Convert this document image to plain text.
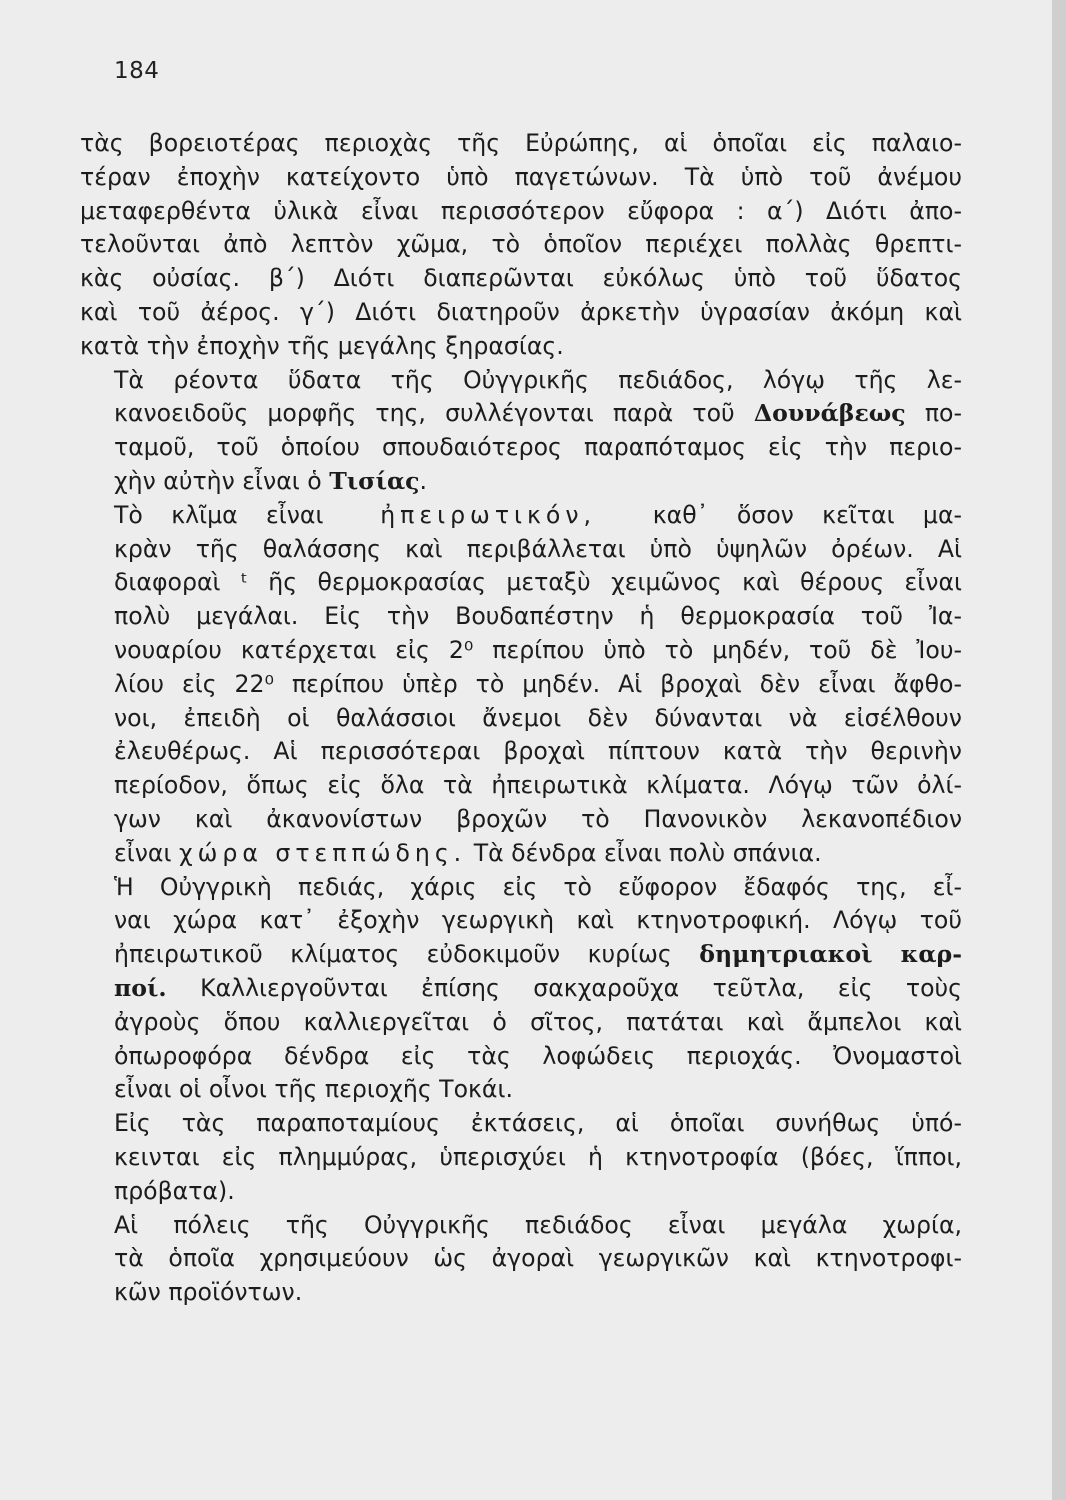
184
τὰς βορειοτέρας περιοχὰς τῆς Εὐρώπης, αἱ ὁποῖαι εἰς παλαιο-
τέραν ἐποχὴν κατείχοντο ὑπὸ παγετώνων. Τὰ ὑπὸ τοῦ ἀνέμου
μεταφερθέντα ὑλικὰ εἶναι περισσότερον εὔφορα : α΄) Διότι ἀπο-
τελοῦνται ἀπὸ λεπτὸν χῶμα, τὸ ὁποῖον περιέχει πολλὰς θρεπτι-
κὰς οὐσίας. β΄) Διότι διαπερῶνται εὐκόλως ὑπὸ τοῦ ὕδατος
καὶ τοῦ ἀέρος. γ΄) Διότι διατηροῦν ἀρκετὴν ὑγρασίαν ἀκόμη καὶ
κατὰ τὴν ἐποχὴν τῆς μεγάλης ξηρασίας.
Τὰ ρέοντα ὕδατα τῆς Οὐγγρικῆς πεδιάδος, λόγῳ τῆς λε-
κανοειδοῦς μορφῆς της, συλλέγονται παρὰ τοῦ Δουνάβεως πο-
ταμοῦ, τοῦ ὁποίου σπουδαιότερος παραπόταμος εἰς τὴν περιο-
χὴν αὐτὴν εἶναι ὁ Τισίας.
Τὸ κλῖμα εἶναι ἠπειρωτικόν, καθ᾽ ὅσον κεῖται μα-
κρὰν τῆς θαλάσσης καὶ περιβάλλεται ὑπὸ ὑψηλῶν ὀρέων. Αἱ
διαφοραὶ ᵗ ῆς θερμοκρασίας μεταξὺ χειμῶνος καὶ θέρους εἶναι
πολὺ μεγάλαι. Εἰς τὴν Βουδαπέστην ἡ θερμοκρασία τοῦ Ἰα-
νουαρίου κατέρχεται εἰς 2⁰ περίπου ὑπὸ τὸ μηδέν, τοῦ δὲ Ἰου-
λίου εἰς 22⁰ περίπου ὑπὲρ τὸ μηδέν. Αἱ βροχαὶ δὲν εἶναι ἄφθο-
νοι, ἐπειδὴ οἱ θαλάσσιοι ἄνεμοι δὲν δύνανται νὰ εἰσέλθουν
ἐλευθέρως. Αἱ περισσότεραι βροχαὶ πίπτουν κατὰ τὴν θερινὴν
περίοδον, ὅπως εἰς ὅλα τὰ ἠπειρωτικὰ κλίματα. Λόγῳ τῶν ὀλί-
γων καὶ ἀκανονίστων βροχῶν τὸ Πανονικὸν λεκανοπέδιον
εἶναι χώρα στεππώδης. Τὰ δένδρα εἶναι πολὺ σπάνια.
Ἡ Οὐγγρικὴ πεδιάς, χάρις εἰς τὸ εὔφορον ἔδαφός της, εἶ-
ναι χώρα κατ᾽ ἐξοχὴν γεωργικὴ καὶ κτηνοτροφική. Λόγῳ τοῦ
ἠπειρωτικοῦ κλίματος εὐδοκιμοῦν κυρίως δημητριακοὶ καρ-
ποί. Καλλιεργοῦνται ἐπίσης σακχαροῦχα τεῦτλα, εἰς τοὺς
ἀγροὺς ὅπου καλλιεργεῖται ὁ σῖτος, πατάται καὶ ἄμπελοι καὶ
ὀπωροφόρα δένδρα εἰς τὰς λοφώδεις περιοχάς. Ὀνομαστοὶ
εἶναι οἱ οἶνοι τῆς περιοχῆς Τοκάι.
Εἰς τὰς παραποταμίους ἐκτάσεις, αἱ ὁποῖαι συνήθως ὑπό-
κεινται εἰς πλημμύρας, ὑπερισχύει ἡ κτηνοτροφία (βόες, ἵπποι,
πρόβατα).
Αἱ πόλεις τῆς Οὐγγρικῆς πεδιάδος εἶναι μεγάλα χωρία,
τὰ ὁποῖα χρησιμεύουν ὡς ἀγοραὶ γεωργικῶν καὶ κτηνοτροφι-
κῶν προϊόντων.
